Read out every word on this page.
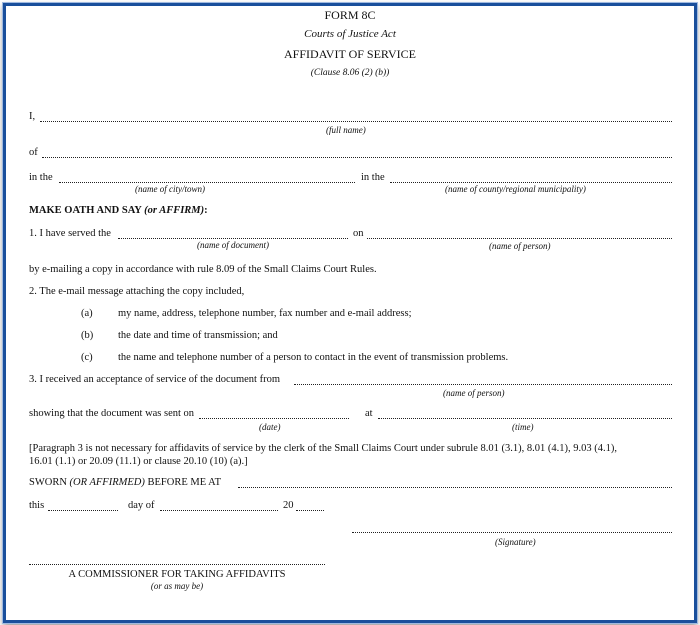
FORM 8C
Courts of Justice Act
AFFIDAVIT OF SERVICE
(Clause 8.06 (2) (b))
I,
(full name)
of
in the	in the
(name of city/town)	(name of county/regional municipality)
MAKE OATH AND SAY (or AFFIRM):
1. I have served the	on
(name of document)	(name of person)
by e-mailing a copy in accordance with rule 8.09 of the Small Claims Court Rules.
2. The e-mail message attaching the copy included,
(a) my name, address, telephone number, fax number and e-mail address;
(b) the date and time of transmission; and
(c) the name and telephone number of a person to contact in the event of transmission problems.
3. I received an acceptance of service of the document from
(name of person)
showing that the document was sent on	at
(date)	(time)
[Paragraph 3 is not necessary for affidavits of service by the clerk of the Small Claims Court under subrule 8.01 (3.1), 8.01 (4.1), 9.03 (4.1),
16.01 (1.1) or 20.09 (11.1) or clause 20.10 (10) (a).]
SWORN (OR AFFIRMED) BEFORE ME AT
this	day of	20
(Signature)
A COMMISSIONER FOR TAKING AFFIDAVITS
(or as may be)
